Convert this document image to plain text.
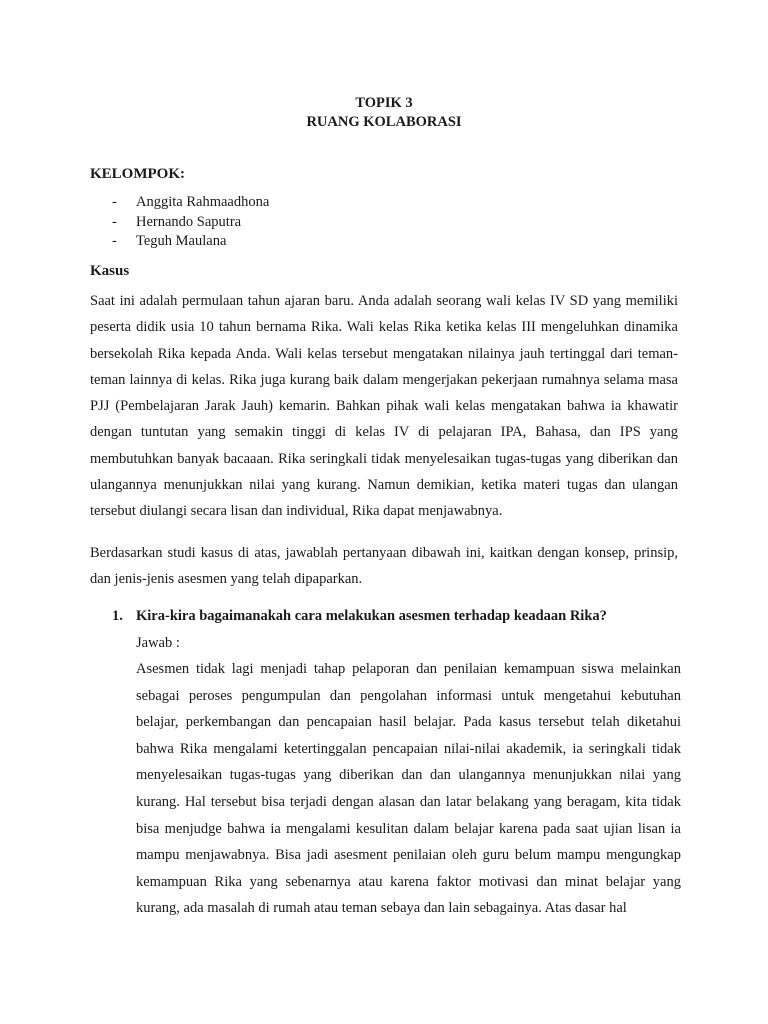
TOPIK 3
RUANG KOLABORASI
KELOMPOK:
- Anggita Rahmaadhona
- Hernando Saputra
- Teguh Maulana
Kasus

Saat ini adalah permulaan tahun ajaran baru. Anda adalah seorang wali kelas IV SD yang memiliki peserta didik usia 10 tahun bernama Rika. Wali kelas Rika ketika kelas III mengeluhkan dinamika bersekolah Rika kepada Anda. Wali kelas tersebut mengatakan nilainya jauh tertinggal dari teman-teman lainnya di kelas. Rika juga kurang baik dalam mengerjakan pekerjaan rumahnya selama masa PJJ (Pembelajaran Jarak Jauh) kemarin. Bahkan pihak wali kelas mengatakan bahwa ia khawatir dengan tuntutan yang semakin tinggi di kelas IV di pelajaran IPA, Bahasa, dan IPS yang membutuhkan banyak bacaaan. Rika seringkali tidak menyelesaikan tugas-tugas yang diberikan dan ulangannya menunjukkan nilai yang kurang. Namun demikian, ketika materi tugas dan ulangan tersebut diulangi secara lisan dan individual, Rika dapat menjawabnya.

Berdasarkan studi kasus di atas, jawablah pertanyaan dibawah ini, kaitkan dengan konsep, prinsip, dan jenis-jenis asesmen yang telah dipaparkan.

1. Kira-kira bagaimanakah cara melakukan asesmen terhadap keadaan Rika?
Jawab :

Asesmen tidak lagi menjadi tahap pelaporan dan penilaian kemampuan siswa melainkan sebagai peroses pengumpulan dan pengolahan informasi untuk mengetahui kebutuhan belajar, perkembangan dan pencapaian hasil belajar. Pada kasus tersebut telah diketahui bahwa Rika mengalami ketertinggalan pencapaian nilai-nilai akademik, ia seringkali tidak menyelesaikan tugas-tugas yang diberikan dan dan ulangannya menunjukkan nilai yang kurang. Hal tersebut bisa terjadi dengan alasan dan latar belakang yang beragam, kita tidak bisa menjudge bahwa ia mengalami kesulitan dalam belajar karena pada saat ujian lisan ia mampu menjawabnya. Bisa jadi asesment penilaian oleh guru belum mampu mengungkap kemampuan Rika yang sebenarnya atau karena faktor motivasi dan minat belajar yang kurang, ada masalah di rumah atau teman sebaya dan lain sebagainya. Atas dasar hal
